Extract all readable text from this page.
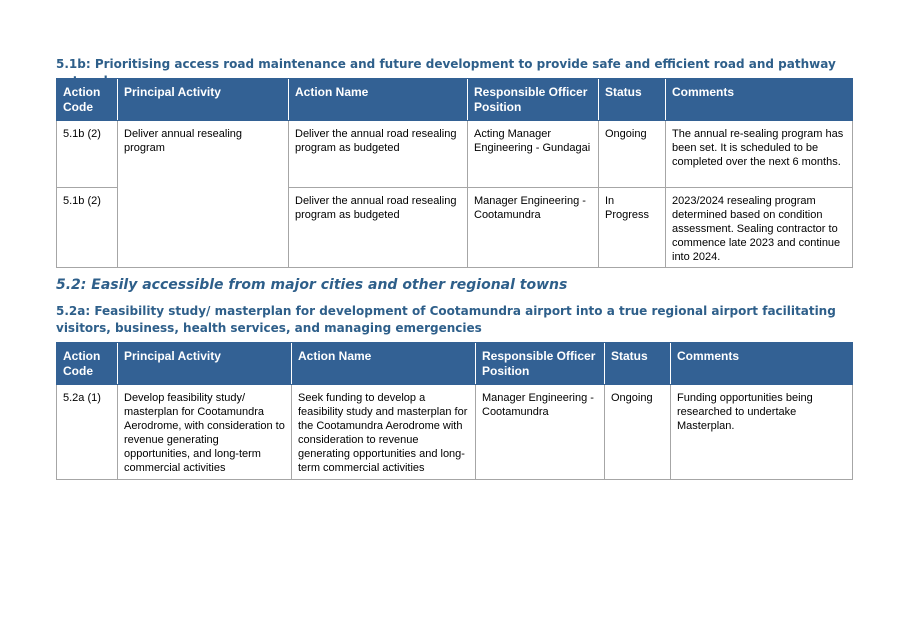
5.1b: Prioritising access road maintenance and future development to provide safe and efficient road and pathway

Action Code	Principal Activity	Action Name	Responsible Officer Position	Status	Comments
5.1b (2)	Deliver annual resealing program	Deliver the annual road resealing program as budgeted	Acting Manager Engineering - Gundagai	Ongoing	The annual re-sealing program has been set. It is scheduled to be completed over the next 6 months.
5.1b (2)		Deliver the annual road resealing program as budgeted	Manager Engineering - Cootamundra	In Progress	2023/2024 resealing program determined based on condition assessment. Sealing contractor to commence late 2023 and continue into 2024.

5.2: Easily accessible from major cities and other regional towns

5.2a: Feasibility study/ masterplan for development of Cootamundra airport into a true regional airport facilitating visitors, business, health services, and managing emergencies

Action Code	Principal Activity	Action Name	Responsible Officer Position	Status	Comments
5.2a (1)	Develop feasibility study/ masterplan for Cootamundra Aerodrome, with consideration to revenue generating opportunities, and long-term commercial activities	Seek funding to develop a feasibility study and masterplan for the Cootamundra Aerodrome with consideration to revenue generating opportunities and long-term commercial activities	Manager Engineering - Cootamundra	Ongoing	Funding opportunities being researched to undertake Masterplan.
